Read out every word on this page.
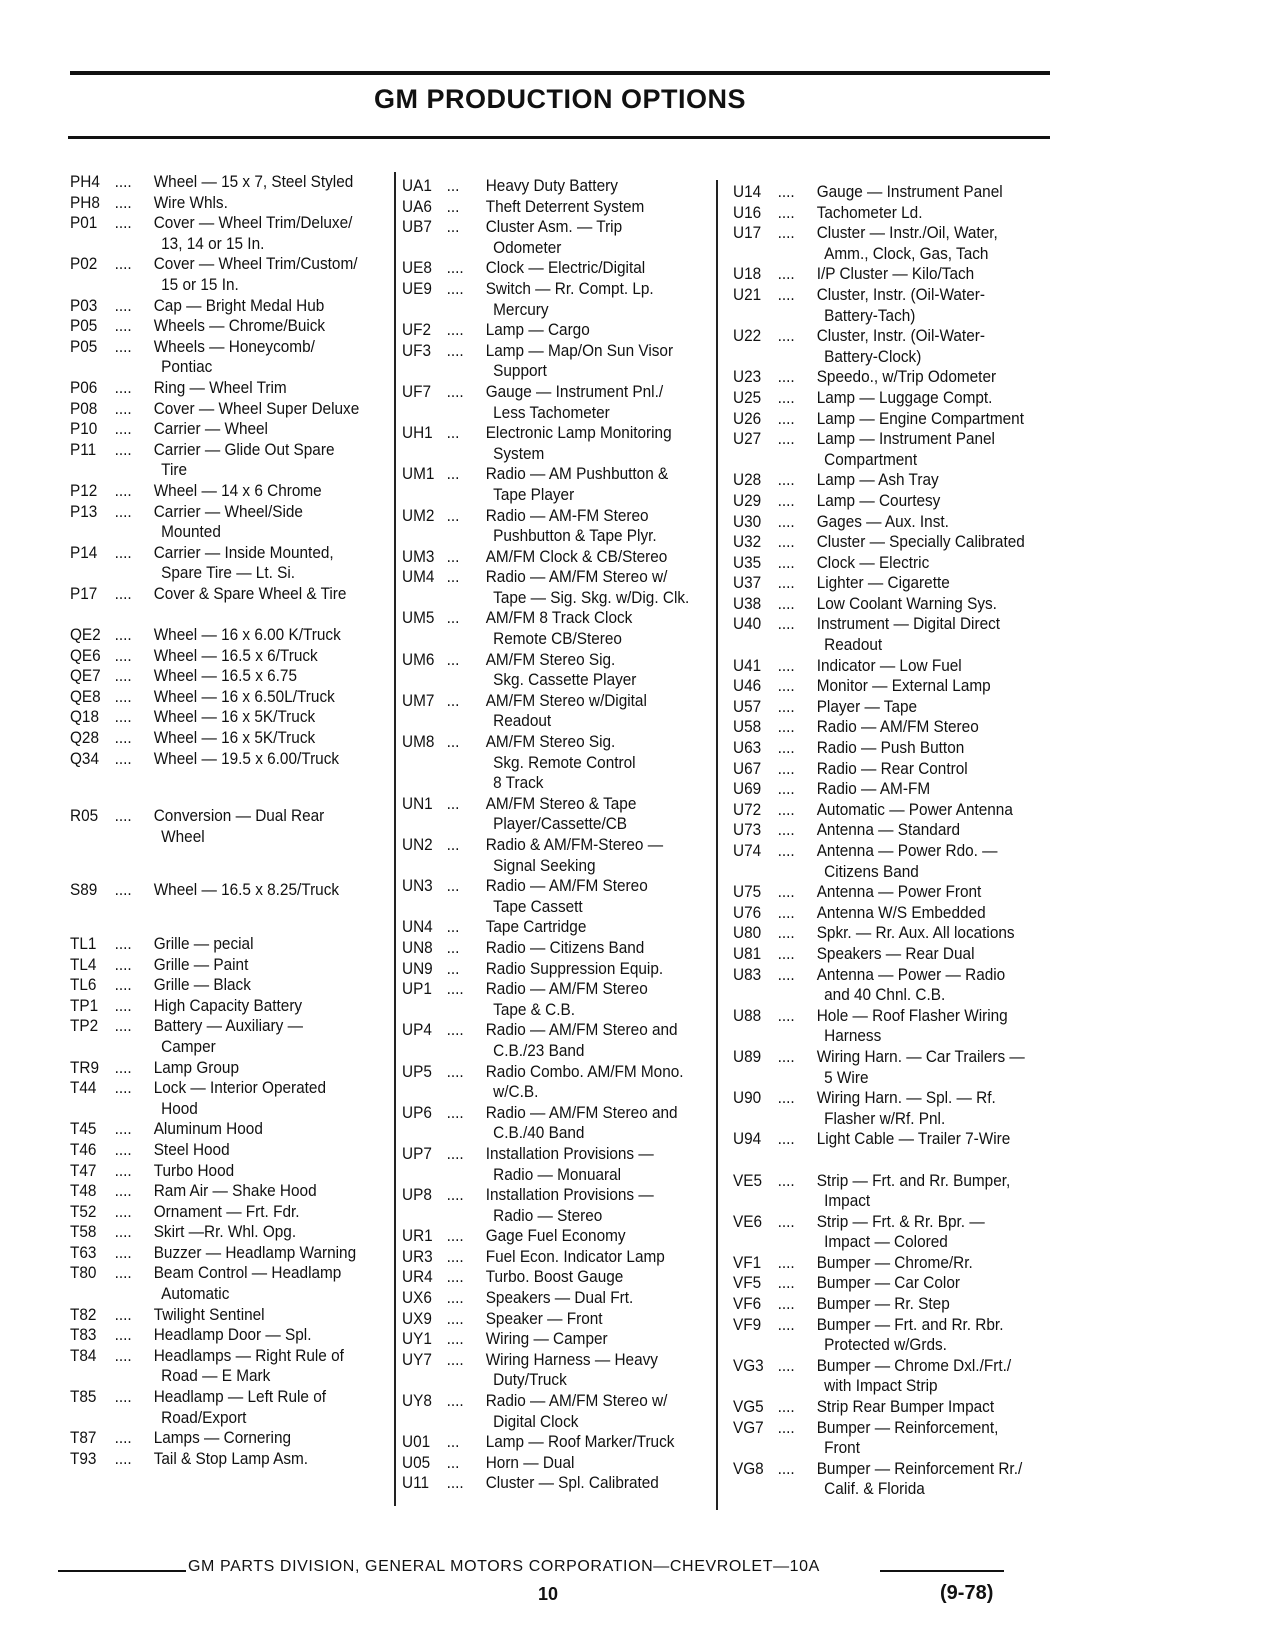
GM PRODUCTION OPTIONS
PH4 ....	Wheel — 15 x 7, Steel Styled
PH8 ....	Wire Whls.
P01	....	Cover — Wheel Trim/Deluxe/
13, 14 or 15 In.
P02	....	Cover — Wheel Trim/Custom/
15 or 15 In.
P03	....	Cap — Bright Medal Hub
P05	....	Wheels — Chrome/Buick
P05	....	Wheels — Honeycomb/
Pontiac
P06	....	Ring — Wheel Trim
P08	....	Cover — Wheel Super Deluxe
P10	....	Carrier — Wheel
P11	....	Carrier — Glide Out Spare
Tire
P12	....	Wheel — 14 x 6 Chrome
P13	....	Carrier — Wheel/Side
Mounted
P14	....	Carrier — Inside Mounted,
Spare Tire — Lt. Si.
P17	....	Cover & Spare Wheel & Tire
QE2 ....	Wheel — 16 x 6.00 K/Truck
QE6 ....	Wheel — 16.5 x 6/Truck
QE7 ....	Wheel — 16.5 x 6.75
QE8 ....	Wheel — 16 x 6.50L/Truck
Q18 ....	Wheel — 16 x 5K/Truck
Q28 ....	Wheel — 16 x 5K/Truck
Q34 ....	Wheel — 19.5 x 6.00/Truck
R05 ....	Conversion — Dual Rear
Wheel
S89	....	Wheel — 16.5 x 8.25/Truck
TL1	....	Grille — pecial
TL4	....	Grille — Paint
TL6	....	Grille — Black
TP1 ....	High Capacity Battery
TP2 ....	Battery — Auxiliary —
Camper
TR9 ....	Lamp Group
T44	....	Lock — Interior Operated
Hood
T45	....	Aluminum Hood
T46	....	Steel Hood
T47	....	Turbo Hood
T48	....	Ram Air — Shake Hood
T52	....	Ornament — Frt. Fdr.
T58	....	Skirt —Rr. Whl. Opg.
T63	....	Buzzer — Headlamp Warning
T80	....	Beam Control — Headlamp
Automatic
T82	....	Twilight Sentinel
T83	....	Headlamp Door — Spl.
T84	....	Headlamps — Right Rule of
Road — E Mark
T85	....	Headlamp — Left Rule of
Road/Export
T87	....	Lamps — Cornering
T93	....	Tail & Stop Lamp Asm.
UA1 ...	Heavy Duty Battery
UA6 ...	Theft Deterrent System
UB7 ...	Cluster Asm. — Trip
Odometer
UE8 ....	Clock — Electric/Digital
UE9 ....	Switch — Rr. Compt. Lp.
Mercury
UF2 ....	Lamp — Cargo
UF3 ....	Lamp — Map/On Sun Visor
Support
UF7 ....	Gauge — Instrument Pnl./
Less Tachometer
UH1 ...	Electronic Lamp Monitoring
System
UM1 ...	Radio — AM Pushbutton &
Tape Player
UM2 ...	Radio — AM-FM Stereo
Pushbutton & Tape Plyr.
UM3 ...	AM/FM Clock & CB/Stereo
UM4 ...	Radio — AM/FM Stereo w/
Tape — Sig. Skg. w/Dig. Clk.
UM5 ...	AM/FM 8 Track Clock
Remote CB/Stereo
UM6 ...	AM/FM Stereo Sig.
Skg. Cassette Player
UM7 ...	AM/FM Stereo w/Digital
Readout
UM8 ...	AM/FM Stereo Sig.
Skg. Remote Control
8 Track
UN1 ...	AM/FM Stereo & Tape
Player/Cassette/CB
UN2 ...	Radio & AM/FM-Stereo —
Signal Seeking
UN3 ...	Radio — AM/FM Stereo
Tape Cassett
UN4 ...	Tape Cartridge
UN8 ...	Radio — Citizens Band
UN9 ...	Radio Suppression Equip.
UP1 ....	Radio — AM/FM Stereo
Tape & C.B.
UP4 ....	Radio — AM/FM Stereo and
C.B./23 Band
UP5 ....	Radio Combo. AM/FM Mono.
w/C.B.
UP6 ....	Radio — AM/FM Stereo and
C.B./40 Band
UP7 ....	Installation Provisions —
Radio — Monuaral
UP8 ....	Installation Provisions —
Radio — Stereo
UR1 ....	Gage Fuel Economy
UR3 ....	Fuel Econ. Indicator Lamp
UR4 ....	Turbo. Boost Gauge
UX6 ....	Speakers — Dual Frt.
UX9 ....	Speaker — Front
UY1 ....	Wiring — Camper
UY7 ....	Wiring Harness — Heavy
Duty/Truck
UY8 ....	Radio — AM/FM Stereo w/
Digital Clock
U01 ...	Lamp — Roof Marker/Truck
U05 ...	Horn — Dual
U11	....	Cluster — Spl. Calibrated
U14 ....	Gauge — Instrument Panel
U16 ....	Tachometer Ld.
U17 ....	Cluster — Instr./Oil, Water,
Amm., Clock, Gas, Tach
U18 ....	I/P Cluster — Kilo/Tach
U21 ....	Cluster, Instr. (Oil-Water-
Battery-Tach)
U22 ....	Cluster, Instr. (Oil-Water-
Battery-Clock)
U23 ....	Speedo., w/Trip Odometer
U25 ....	Lamp — Luggage Compt.
U26 ....	Lamp — Engine Compartment
U27 ....	Lamp — Instrument Panel
Compartment
U28 ....	Lamp — Ash Tray
U29 ....	Lamp — Courtesy
U30 ....	Gages — Aux. Inst.
U32 ....	Cluster — Specially Calibrated
U35 ....	Clock — Electric
U37 ....	Lighter — Cigarette
U38 ....	Low Coolant Warning Sys.
U40 ....	Instrument — Digital Direct
Readout
U41 ....	Indicator — Low Fuel
U46 ....	Monitor — External Lamp
U57 ....	Player — Tape
U58 ....	Radio — AM/FM Stereo
U63 ....	Radio — Push Button
U67 ....	Radio — Rear Control
U69 ....	Radio — AM-FM
U72 ....	Automatic — Power Antenna
U73 ....	Antenna — Standard
U74 ....	Antenna — Power Rdo. —
Citizens Band
U75 ....	Antenna — Power Front
U76 ....	Antenna W/S Embedded
U80 ....	Spkr. — Rr. Aux. All locations
U81 ....	Speakers — Rear Dual
U83 ....	Antenna — Power — Radio
and 40 Chnl. C.B.
U88 ....	Hole — Roof Flasher Wiring
Harness
U89 ....	Wiring Harn. — Car Trailers —
5 Wire
U90 ....	Wiring Harn. — Spl. — Rf.
Flasher w/Rf. Pnl.
U94 ....	Light Cable — Trailer 7-Wire
VE5 ....	Strip — Frt. and Rr. Bumper,
Impact
VE6 ....	Strip — Frt. & Rr. Bpr. —
Impact — Colored
VF1 ....	Bumper — Chrome/Rr.
VF5 ....	Bumper — Car Color
VF6 ....	Bumper — Rr. Step
VF9 ....	Bumper — Frt. and Rr. Rbr.
Protected w/Grds.
VG3 ....	Bumper — Chrome Dxl./Frt./
with Impact Strip
VG5 ....	Strip Rear Bumper Impact
VG7 ....	Bumper — Reinforcement,
Front
VG8 ....	Bumper — Reinforcement Rr./
Calif. & Florida
GM PARTS DIVISION, GENERAL MOTORS CORPORATION—CHEVROLET—10A
10	(9-78)
